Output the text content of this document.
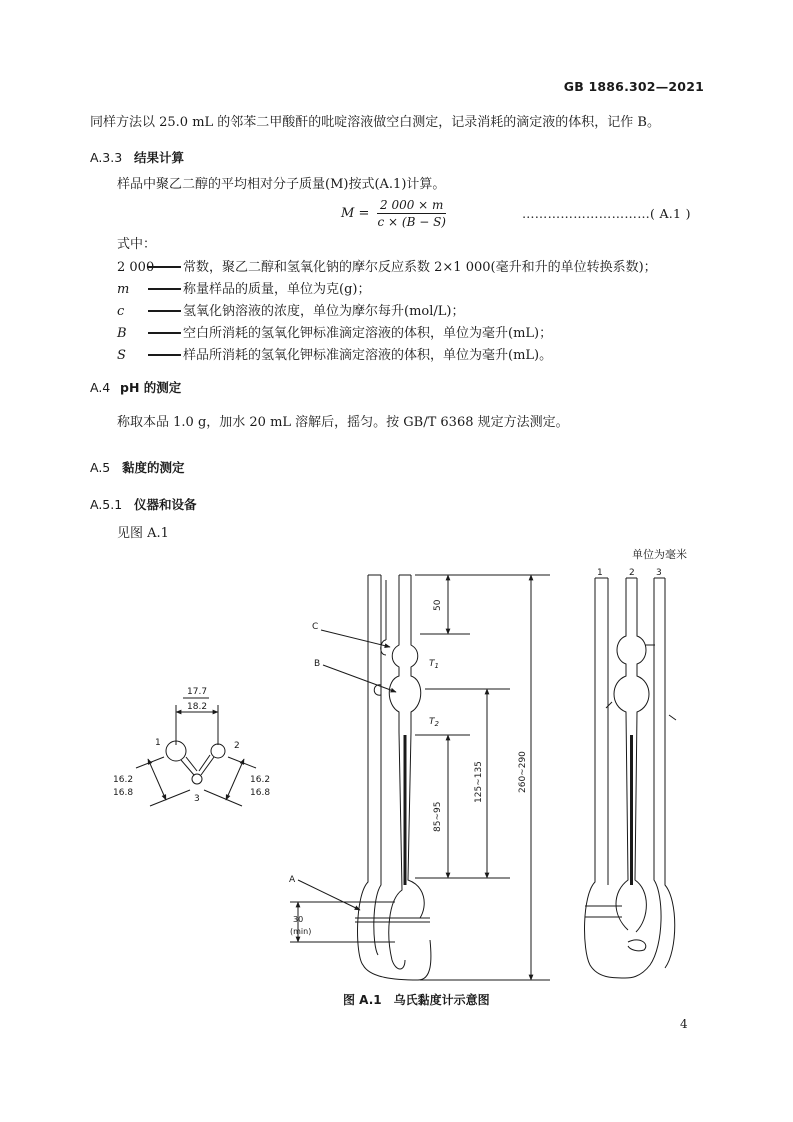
GB 1886.302—2021
同样方法以 25.0 mL 的邻苯二甲酸酐的吡啶溶液做空白测定，记录消耗的滴定液的体积，记作 B。
A.3.3 结果计算
样品中聚乙二醇的平均相对分子质量(M)按式(A.1)计算。
$M = \frac{2 000 \times m}{c \times (B - S)}$	…………………………( A.1 )
式中：
2 000 常数，聚乙二醇和氢氧化钠的摩尔反应系数 2×1 000(毫升和升的单位转换系数)；
m	称量样品的质量，单位为克(g)；
c	氢氧化钠溶液的浓度，单位为摩尔每升(mol/L)；
B	空白所消耗的氢氧化钾标准滴定溶液的体积，单位为毫升(mL)；
S	样品所消耗的氢氧化钾标准滴定溶液的体积，单位为毫升(mL)。
A.4 pH 的测定
称取本品 1.0 g，加水 20 mL 溶解后，摇匀。按 GB/T 6368 规定方法测定。
A.5 黏度的测定
A.5.1 仪器和设备
见图 A.1
单位为毫米
17.7
18.2
1	2
3
16.2
16.8
16.2
16.8
C
B
A
$T_1$
$T_2$
50
85~95
125~135	260~290
30
(min)
1	2 3
图 A.1　乌氏黏度计示意图
4
